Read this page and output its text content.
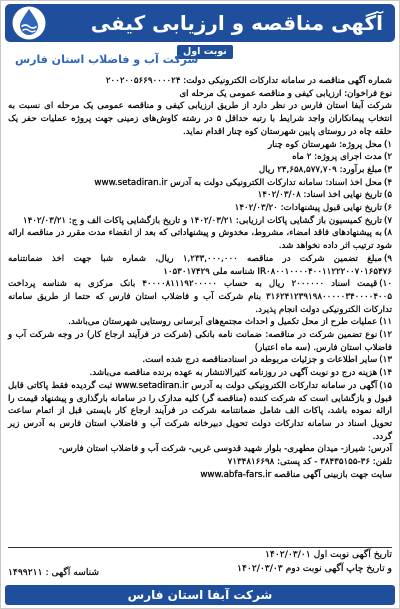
آگهی مناقصه و ارزیابی کیفی
نوبت اول
شرکت آب و فاضلاب استان فارس

شماره آگهی مناقصه در سامانه تدارکات الکترونیکی دولت: ۲۰۰۲۰۰۵۶۶۹۰۰۰۰۲۴

نوع فراخوان: ارزیابی کیفی و مناقصه عمومی یک مرحله ای

شرکت آبفا استان فارس در نظر دارد از طریق ارزیابی کیفی و مناقصه عمومی یک مرحله ای نسبت به انتخاب پیمانکاران واجد شرایط با رتبه حداقل ۵ در رشته کاوش‌های زمینی جهت پروژه عملیات حفر یک حلقه چاه در روستای پایین شهرستان کوه چنار اقدام نماید.

۱)محل پروژه: شهرستان کوه چنار

۲)مدت اجرای پروژه: ۲ ماه

۳)مبلغ برآورد: ۲۴,۶۵۸,۵۷۷,۷۰۹ ریال

۴)محل اخذ اسناد: سامانه تدارکات الکترونیکی دولت به آدرس www.setadiran.ir

۵)تاریخ نهایی اخذ اسناد: ۱۴۰۲/۰۳/۰۸

۶)تاریخ نهایی قبول پیشنهادات: ۱۴۰۲/۰۳/۲۰

۷)تاریخ کمیسیون باز گشایی پاکات ارزیابی: ۱۴۰۲/۰۳/۲۱ و تاریخ بازگشایی پاکات الف و ج: ۱۴۰۲/۰۳/۲۱

۸)به پیشنهادهای فاقد امضاء، مشروط، مخدوش و پیشنهاداتی که بعد از انقضاء مدت مقرر در مناقصه ارائه شود ترتیب اثر داده نخواهد شد.

۹)مبلغ تضمین شرکت در مناقصه ۱,۲۳۳,۰۰۰,۰۰۰ ریال، شماره شبا جهت اخذ ضمانتنامه IR۰۸۰۰۱۰۰۰۰۴۰۰۱۱۲۲۲۰۰۷۰۱۶۵۴۷۶ شناسه ملی ۱۰۵۳۰۱۷۴۲۹

۱۰)قیمت اسناد ۲۰۰۰۰۰۰ ریال به حساب ۴۰۰۰۰۸۱۱۱۹۲۰۰۰۰۰ بانک مرکزی به شناسه پرداخت ۳۱۶۲۴۱۲۳۹۱۹۸۰۰۰۰۰۳۴۰۰۰۰۴۰۰۵ بنام شرکت آب و فاضلاب استان فارس که حتما از طریق سامانه تدارکات الکترونیکی دولت انجام پذیرد.

۱۱)عملیات طرح از محل تکمیل و احداث مجتمع‌های آبرسانی روستایی شهرستان می‌باشد.

۱۲)نوع تضمین شرکت در مناقصه: ضمانت نامه بانکی (شرکت در فرآیند ارجاع کار) در وجه شرکت آب و فاضلاب استان فارس. (سه ماه اعتبار)

۱۳)سایر اطلاعات و جزئیات مربوطه در اسنادمناقصه درج شده است.

۱۴)هزینه درج دو نوبت آگهی در روزنامه کثیرالانتشار به عهده برنده مناقصه می‌باشد.

۱۵)آگهی در سامانه تدارکات الکترونیکی دولت به آدرس www.setadiran.ir ثبت گردیده فقط پاکاتی قابل قبول و بازگشایی است که شرکت کننده (مناقصه گر) کلیه مدارک را در سامانه بارگذاری و پیشنهاد قیمت را ارائه نموده باشد، پاکات الف شامل ضمانتنامه شرکت در فرآیند ارجاع کار بایستی قبل از اتمام ساعت تحویل اسناد در سامانه تدارکات دولت تحویل دبیرخانه شرکت آب و فاضلاب استان فارس به آدرس زیر گردد.

آدرس: شیراز- میدان مطهری- بلوار شهید قدوسی غربی- شرکت آب و فاضلاب استان فارس-

تلفن: ۳۶-۳۸۴۳۵۱۵۵ - کد پستی: ۷۱۳۴۸۱۶۶۹۸

سایت جهت بازبینی آگهی مناقصه www.abfa-fars.ir

تاریخ آگهی نوبت اول ۱۴۰۲/۰۳/۰۱
و تاریخ چاپ آگهی نوبت دوم ۱۴۰۲/۰۳/۰۳
شناسه آگهی : ۱۴۹۹۲۱۱
شرکت آبفا استان فارس
